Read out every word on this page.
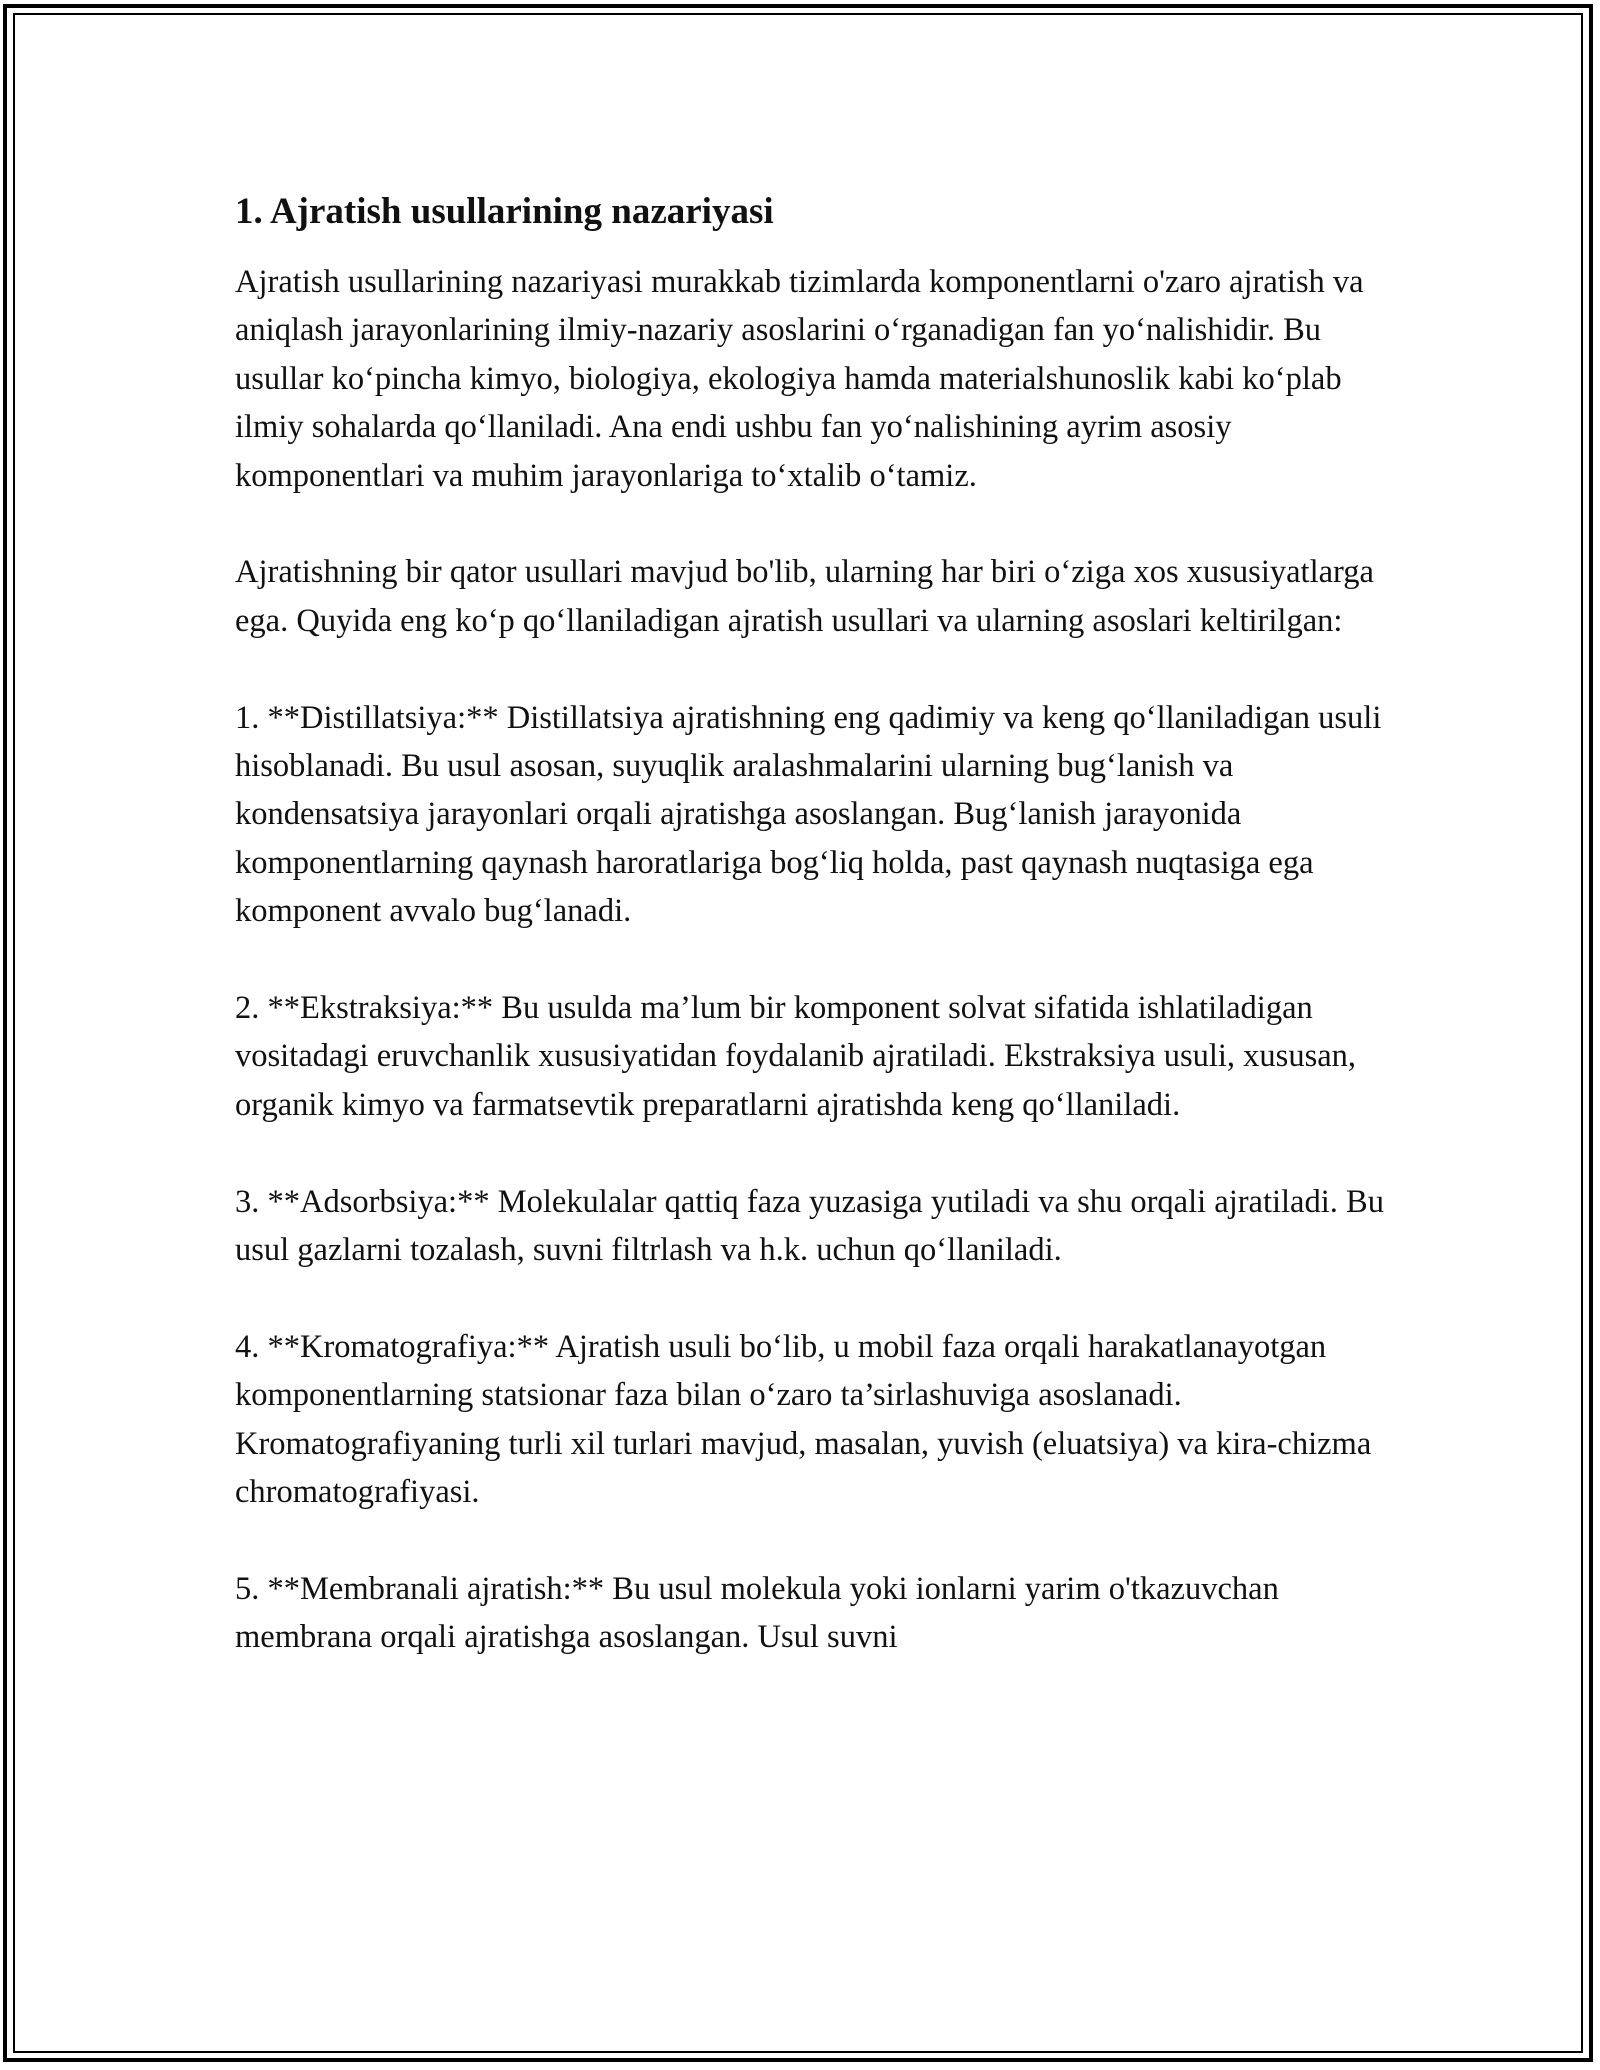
1. Ajratish usullarining nazariyasi

Ajratish usullarining nazariyasi murakkab tizimlarda komponentlarni o'zaro ajratish va aniqlash jarayonlarining ilmiy-nazariy asoslarini o‘rganadigan fan yo‘nalishidir. Bu usullar ko‘pincha kimyo, biologiya, ekologiya hamda materialshunoslik kabi ko‘plab ilmiy sohalarda qo‘llaniladi. Ana endi ushbu fan yo‘nalishining ayrim asosiy komponentlari va muhim jarayonlariga to‘xtalib o‘tamiz.

Ajratishning bir qator usullari mavjud bo'lib, ularning har biri o‘ziga xos xususiyatlarga ega. Quyida eng ko‘p qo‘llaniladigan ajratish usullari va ularning asoslari keltirilgan:

1. **Distillatsiya:** Distillatsiya ajratishning eng qadimiy va keng qo‘llaniladigan usuli hisoblanadi. Bu usul asosan, suyuqlik aralashmalarini ularning bug‘lanish va kondensatsiya jarayonlari orqali ajratishga asoslangan. Bug‘lanish jarayonida komponentlarning qaynash haroratlariga bog‘liq holda, past qaynash nuqtasiga ega komponent avvalo bug‘lanadi.

2. **Ekstraksiya:** Bu usulda ma’lum bir komponent solvat sifatida ishlatiladigan vositadagi eruvchanlik xususiyatidan foydalanib ajratiladi. Ekstraksiya usuli, xususan, organik kimyo va farmatsevtik preparatlarni ajratishda keng qo‘llaniladi.

3. **Adsorbsiya:** Molekulalar qattiq faza yuzasiga yutiladi va shu orqali ajratiladi. Bu usul gazlarni tozalash, suvni filtrlash va h.k. uchun qo‘llaniladi.

4. **Kromatografiya:** Ajratish usuli bo‘lib, u mobil faza orqali harakatlanayotgan komponentlarning statsionar faza bilan o‘zaro ta’sirlashuviga asoslanadi. Kromatografiyaning turli xil turlari mavjud, masalan, yuvish (eluatsiya) va kira-chizma chromatografiyasi.

5. **Membranali ajratish:** Bu usul molekula yoki ionlarni yarim o'tkazuvchan membrana orqali ajratishga asoslangan. Usul suvni
